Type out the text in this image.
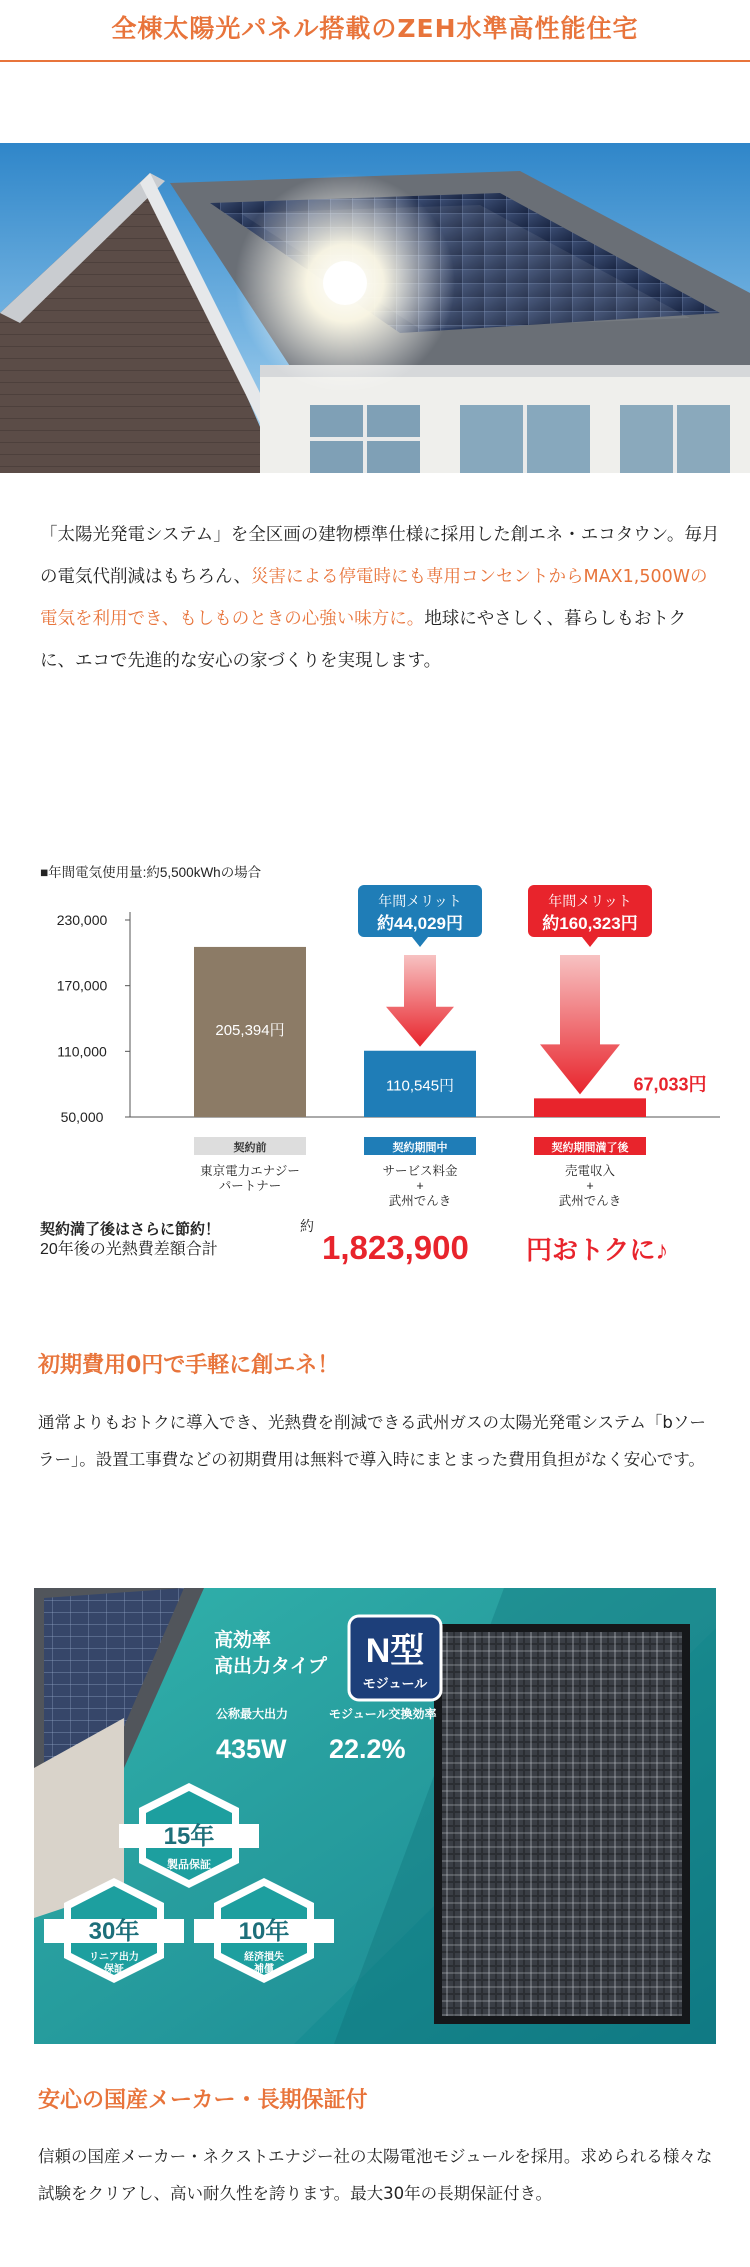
全棟太陽光パネル搭載のZEH水準高性能住宅

「太陽光発電システム」を全区画の建物標準仕様に採用した創エネ・エコタウン。毎月の電気代削減はもちろん、災害による停電時にも専用コンセントからMAX1,500Wの電気を利用でき、もしものときの心強い味方に。地球にやさしく、暮らしもおトクに、エコで先進的な安心の家づくりを実現します。

■年間電気使用量:約5,500kWhの場合
230,000
170,000
110,000
50,000
205,394円
110,545円	67,033円
契約前
東京電力エナジー
パートナー
契約期間中
サービス料金
+
武州でんき
契約期間満了後
売電収入
+
武州でんき
年間メリット
約44,029円
年間メリット
約160,323円
契約満了後はさらに節約！
20年後の光熱費差額合計
約
1,823,900 円おトクに♪
初期費用0円で手軽に創エネ！

通常よりもおトクに導入でき、光熱費を削減できる武州ガスの太陽光発電システム「bソーラー」。設置工事費などの初期費用は無料で導入時にまとまった費用負担がなく安心です。

N型
モジュール
高効率
高出力タイプ
公称最大出力
435W
モジュール交換効率
22.2%
15年
製品保証
30年
リニア出力
保証
10年
経済損失
補償
安心の国産メーカー・長期保証付

信頼の国産メーカー・ネクストエナジー社の太陽電池モジュールを採用。求められる様々な試験をクリアし、高い耐久性を誇ります。最大30年の長期保証付き。
